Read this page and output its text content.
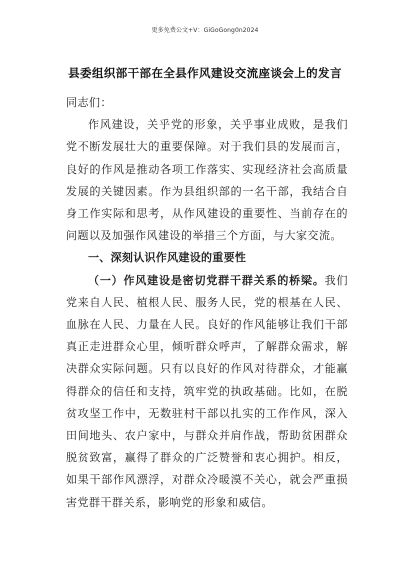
更多免费公文+V：GiGoGong0n2024
县委组织部干部在全县作风建设交流座谈会上的发言

同志们：

作风建设，关乎党的形象，关乎事业成败，是我们党不断发展壮大的重要保障。对于我们县的发展而言，良好的作风是推动各项工作落实、实现经济社会高质量发展的关键因素。作为县组织部的一名干部，我结合自身工作实际和思考，从作风建设的重要性、当前存在的问题以及加强作风建设的举措三个方面，与大家交流。

一、深刻认识作风建设的重要性

（一）作风建设是密切党群干群关系的桥梁。我们党来自人民、植根人民、服务人民，党的根基在人民、血脉在人民、力量在人民。良好的作风能够让我们干部真正走进群众心里，倾听群众呼声，了解群众需求，解决群众实际问题。只有以良好的作风对待群众，才能赢得群众的信任和支持，筑牢党的执政基础。比如，在脱贫攻坚工作中，无数驻村干部以扎实的工作作风，深入田间地头、农户家中，与群众并肩作战，帮助贫困群众脱贫致富，赢得了群众的广泛赞誉和衷心拥护。相反，如果干部作风漂浮，对群众冷暖漠不关心，就会严重损害党群干群关系，影响党的形象和威信。
